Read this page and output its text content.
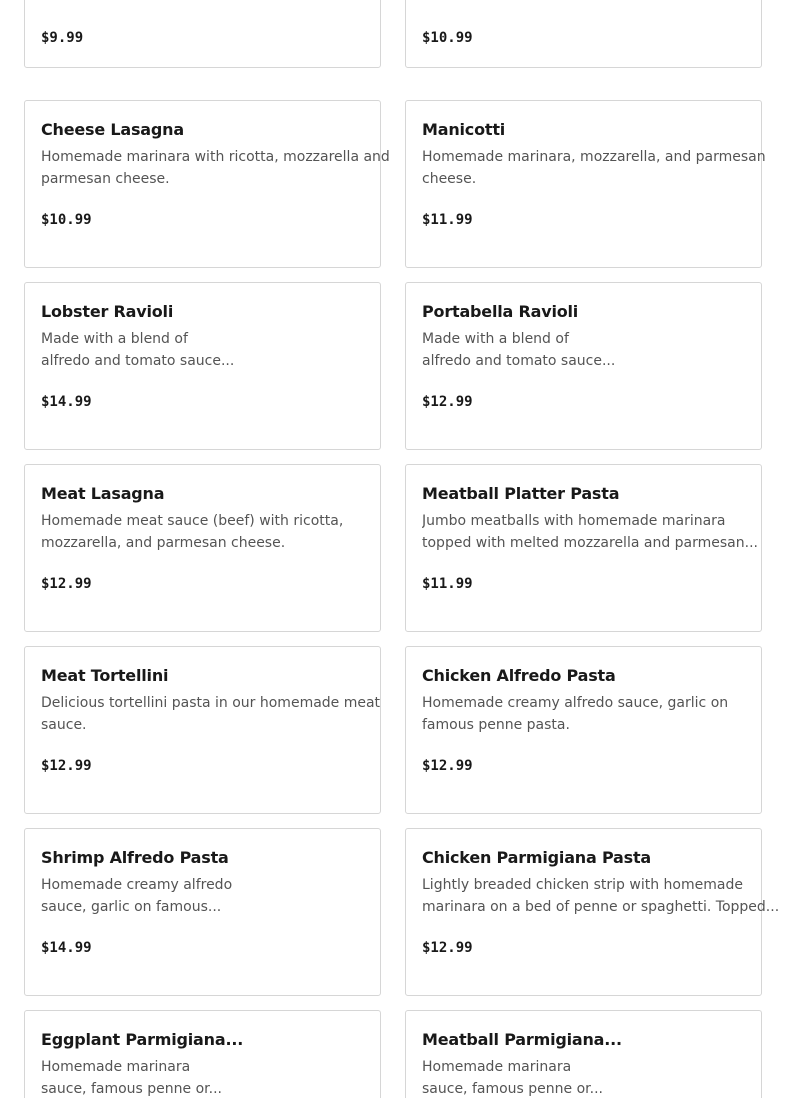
$9.99	$10.99
Cheese Lasagna
Homemade marinara with ricotta, mozzarella and
parmesan cheese.
$10.99
Manicotti
Homemade marinara, mozzarella, and parmesan
cheese.
$11.99
Lobster Ravioli
Made with a blend of
alfredo and tomato sauce...
$14.99
Portabella Ravioli
Made with a blend of
alfredo and tomato sauce...
$12.99
Meat Lasagna
Homemade meat sauce (beef) with ricotta,
mozzarella, and parmesan cheese.
$12.99
Meatball Platter Pasta
Jumbo meatballs with homemade marinara
topped with melted mozzarella and parmesan...
$11.99
Meat Tortellini
Delicious tortellini pasta in our homemade meat
sauce.
$12.99
Chicken Alfredo Pasta
Homemade creamy alfredo sauce, garlic on
famous penne pasta.
$12.99
Shrimp Alfredo Pasta
Homemade creamy alfredo
sauce, garlic on famous...
$14.99
Chicken Parmigiana Pasta
Lightly breaded chicken strip with homemade
marinara on a bed of penne or spaghetti. Topped...
$12.99
Eggplant Parmigiana...
Homemade marinara
sauce, famous penne or...
Meatball Parmigiana...
Homemade marinara
sauce, famous penne or...
